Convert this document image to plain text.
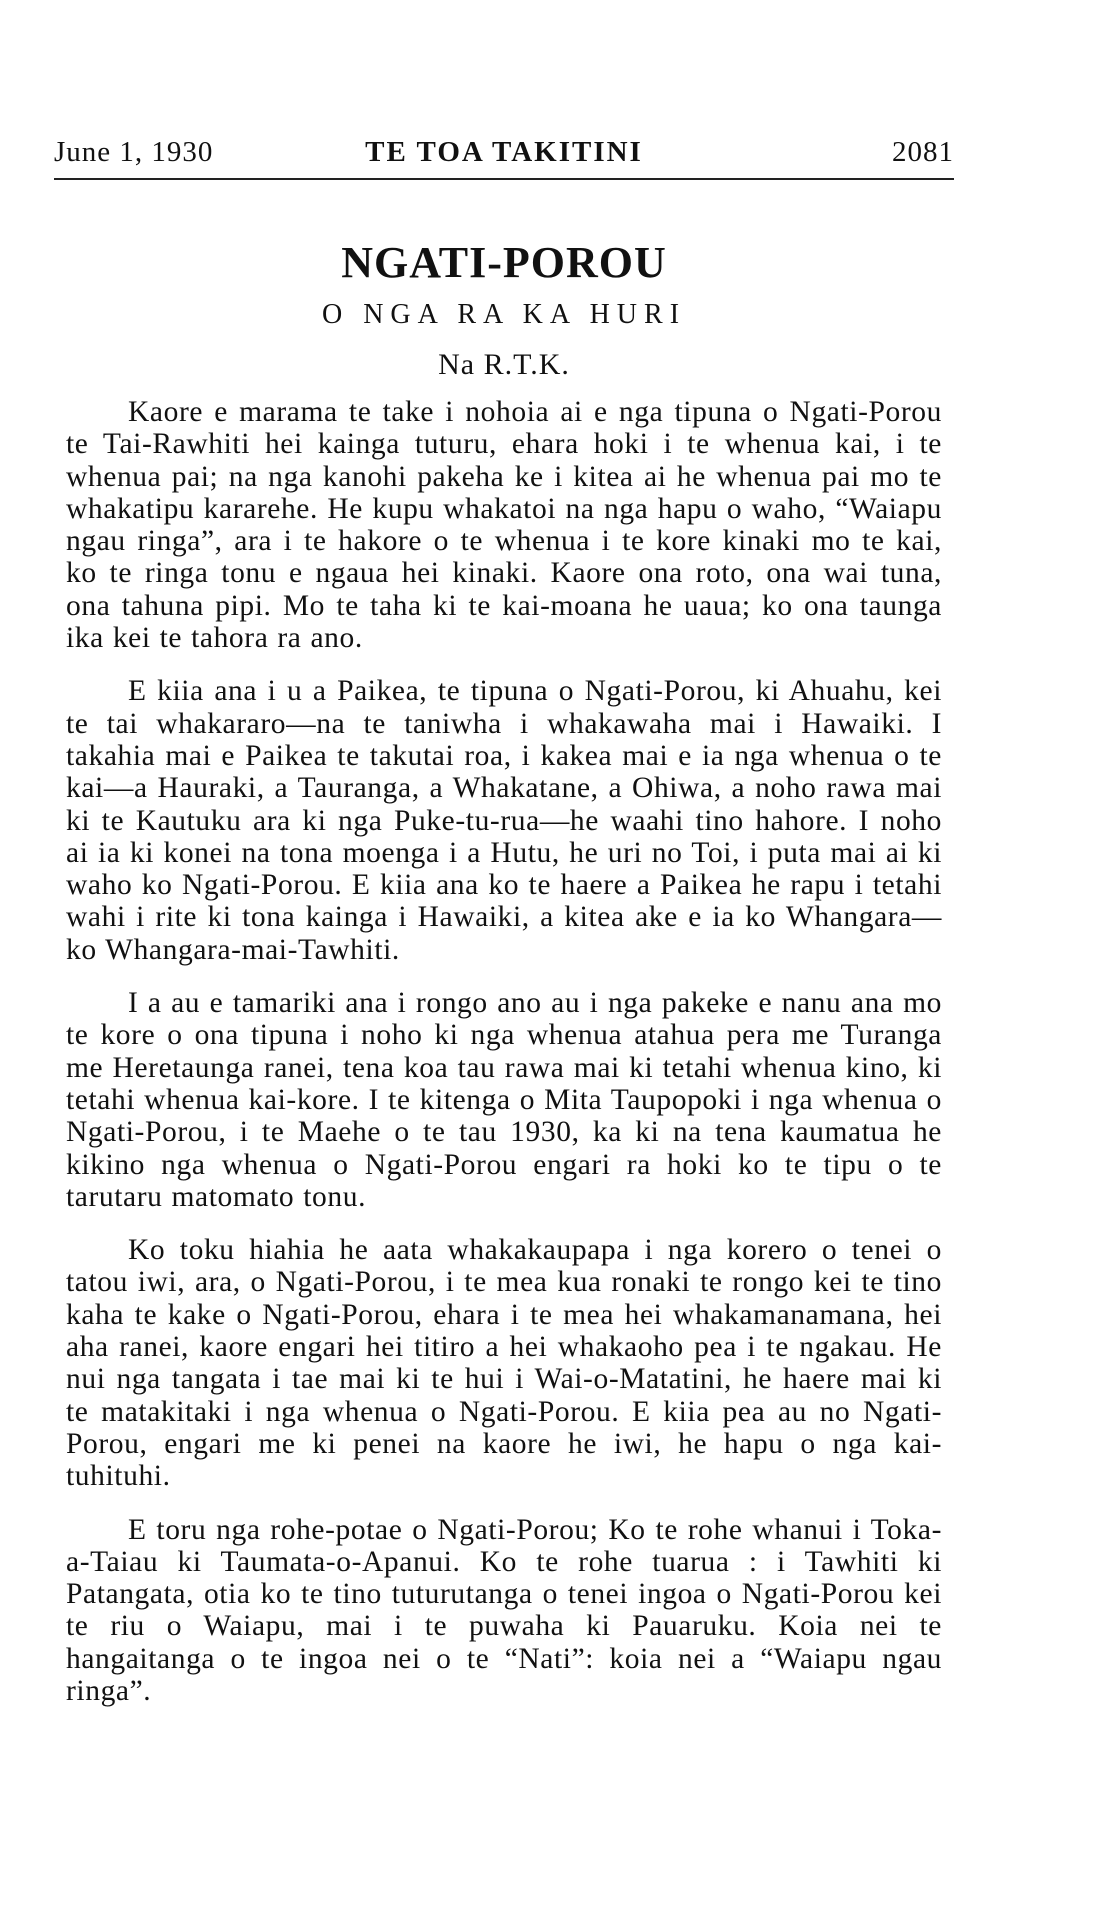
June 1, 1930	TE TOA TAKITINI	2081
NGATI-POROU
O NGA RA KA HURI
Na R.T.K.

Kaore e marama te take i nohoia ai e nga tipuna o Ngati-Porou te Tai-Rawhiti hei kainga tuturu, ehara hoki i te whenua kai, i te whenua pai; na nga kanohi pakeha ke i kitea ai he whenua pai mo te whakatipu kararehe. He kupu whakatoi na nga hapu o waho, “Waiapu ngau ringa”, ara i te hakore o te whenua i te kore kinaki mo te kai, ko te ringa tonu e ngaua hei kinaki. Kaore ona roto, ona wai tuna, ona tahuna pipi. Mo te taha ki te kai-moana he uaua; ko ona taunga ika kei te tahora ra ano.

E kiia ana i u a Paikea, te tipuna o Ngati-Porou, ki Ahuahu, kei te tai whakararo—na te taniwha i whakawaha mai i Hawaiki. I takahia mai e Paikea te takutai roa, i kakea mai e ia nga whenua o te kai—a Hauraki, a Tauranga, a Whakatane, a Ohiwa, a noho rawa mai ki te Kautuku ara ki nga Puke-tu-rua—he waahi tino hahore. I noho ai ia ki konei na tona moenga i a Hutu, he uri no Toi, i puta mai ai ki waho ko Ngati-Porou. E kiia ana ko te haere a Paikea he rapu i tetahi wahi i rite ki tona kainga i Hawaiki, a kitea ake e ia ko Whangara—ko Whangara-mai-Tawhiti.

I a au e tamariki ana i rongo ano au i nga pakeke e nanu ana mo te kore o ona tipuna i noho ki nga whenua atahua pera me Turanga me Heretaunga ranei, tena koa tau rawa mai ki tetahi whenua kino, ki tetahi whenua kai-kore. I te kitenga o Mita Taupopoki i nga whenua o Ngati-Porou, i te Maehe o te tau 1930, ka ki na tena kaumatua he kikino nga whenua o Ngati-Porou engari ra hoki ko te tipu o te tarutaru matomato tonu.

Ko toku hiahia he aata whakakaupapa i nga korero o tenei o tatou iwi, ara, o Ngati-Porou, i te mea kua ronaki te rongo kei te tino kaha te kake o Ngati-Porou, ehara i te mea hei whakamanamana, hei aha ranei, kaore engari hei titiro a hei whakaoho pea i te ngakau. He nui nga tangata i tae mai ki te hui i Wai-o-Matatini, he haere mai ki te matakitaki i nga whenua o Ngati-Porou. E kiia pea au no Ngati-Porou, engari me ki penei na kaore he iwi, he hapu o nga kai-tuhituhi.

E toru nga rohe-potae o Ngati-Porou; Ko te rohe whanui i Toka-a-Taiau ki Taumata-o-Apanui. Ko te rohe tuarua : i Tawhiti ki Patangata, otia ko te tino tuturutanga o tenei ingoa o Ngati-Porou kei te riu o Waiapu, mai i te puwaha ki Pauaruku. Koia nei te hangaitanga o te ingoa nei o te “Nati”: koia nei a “Waiapu ngau ringa”.
